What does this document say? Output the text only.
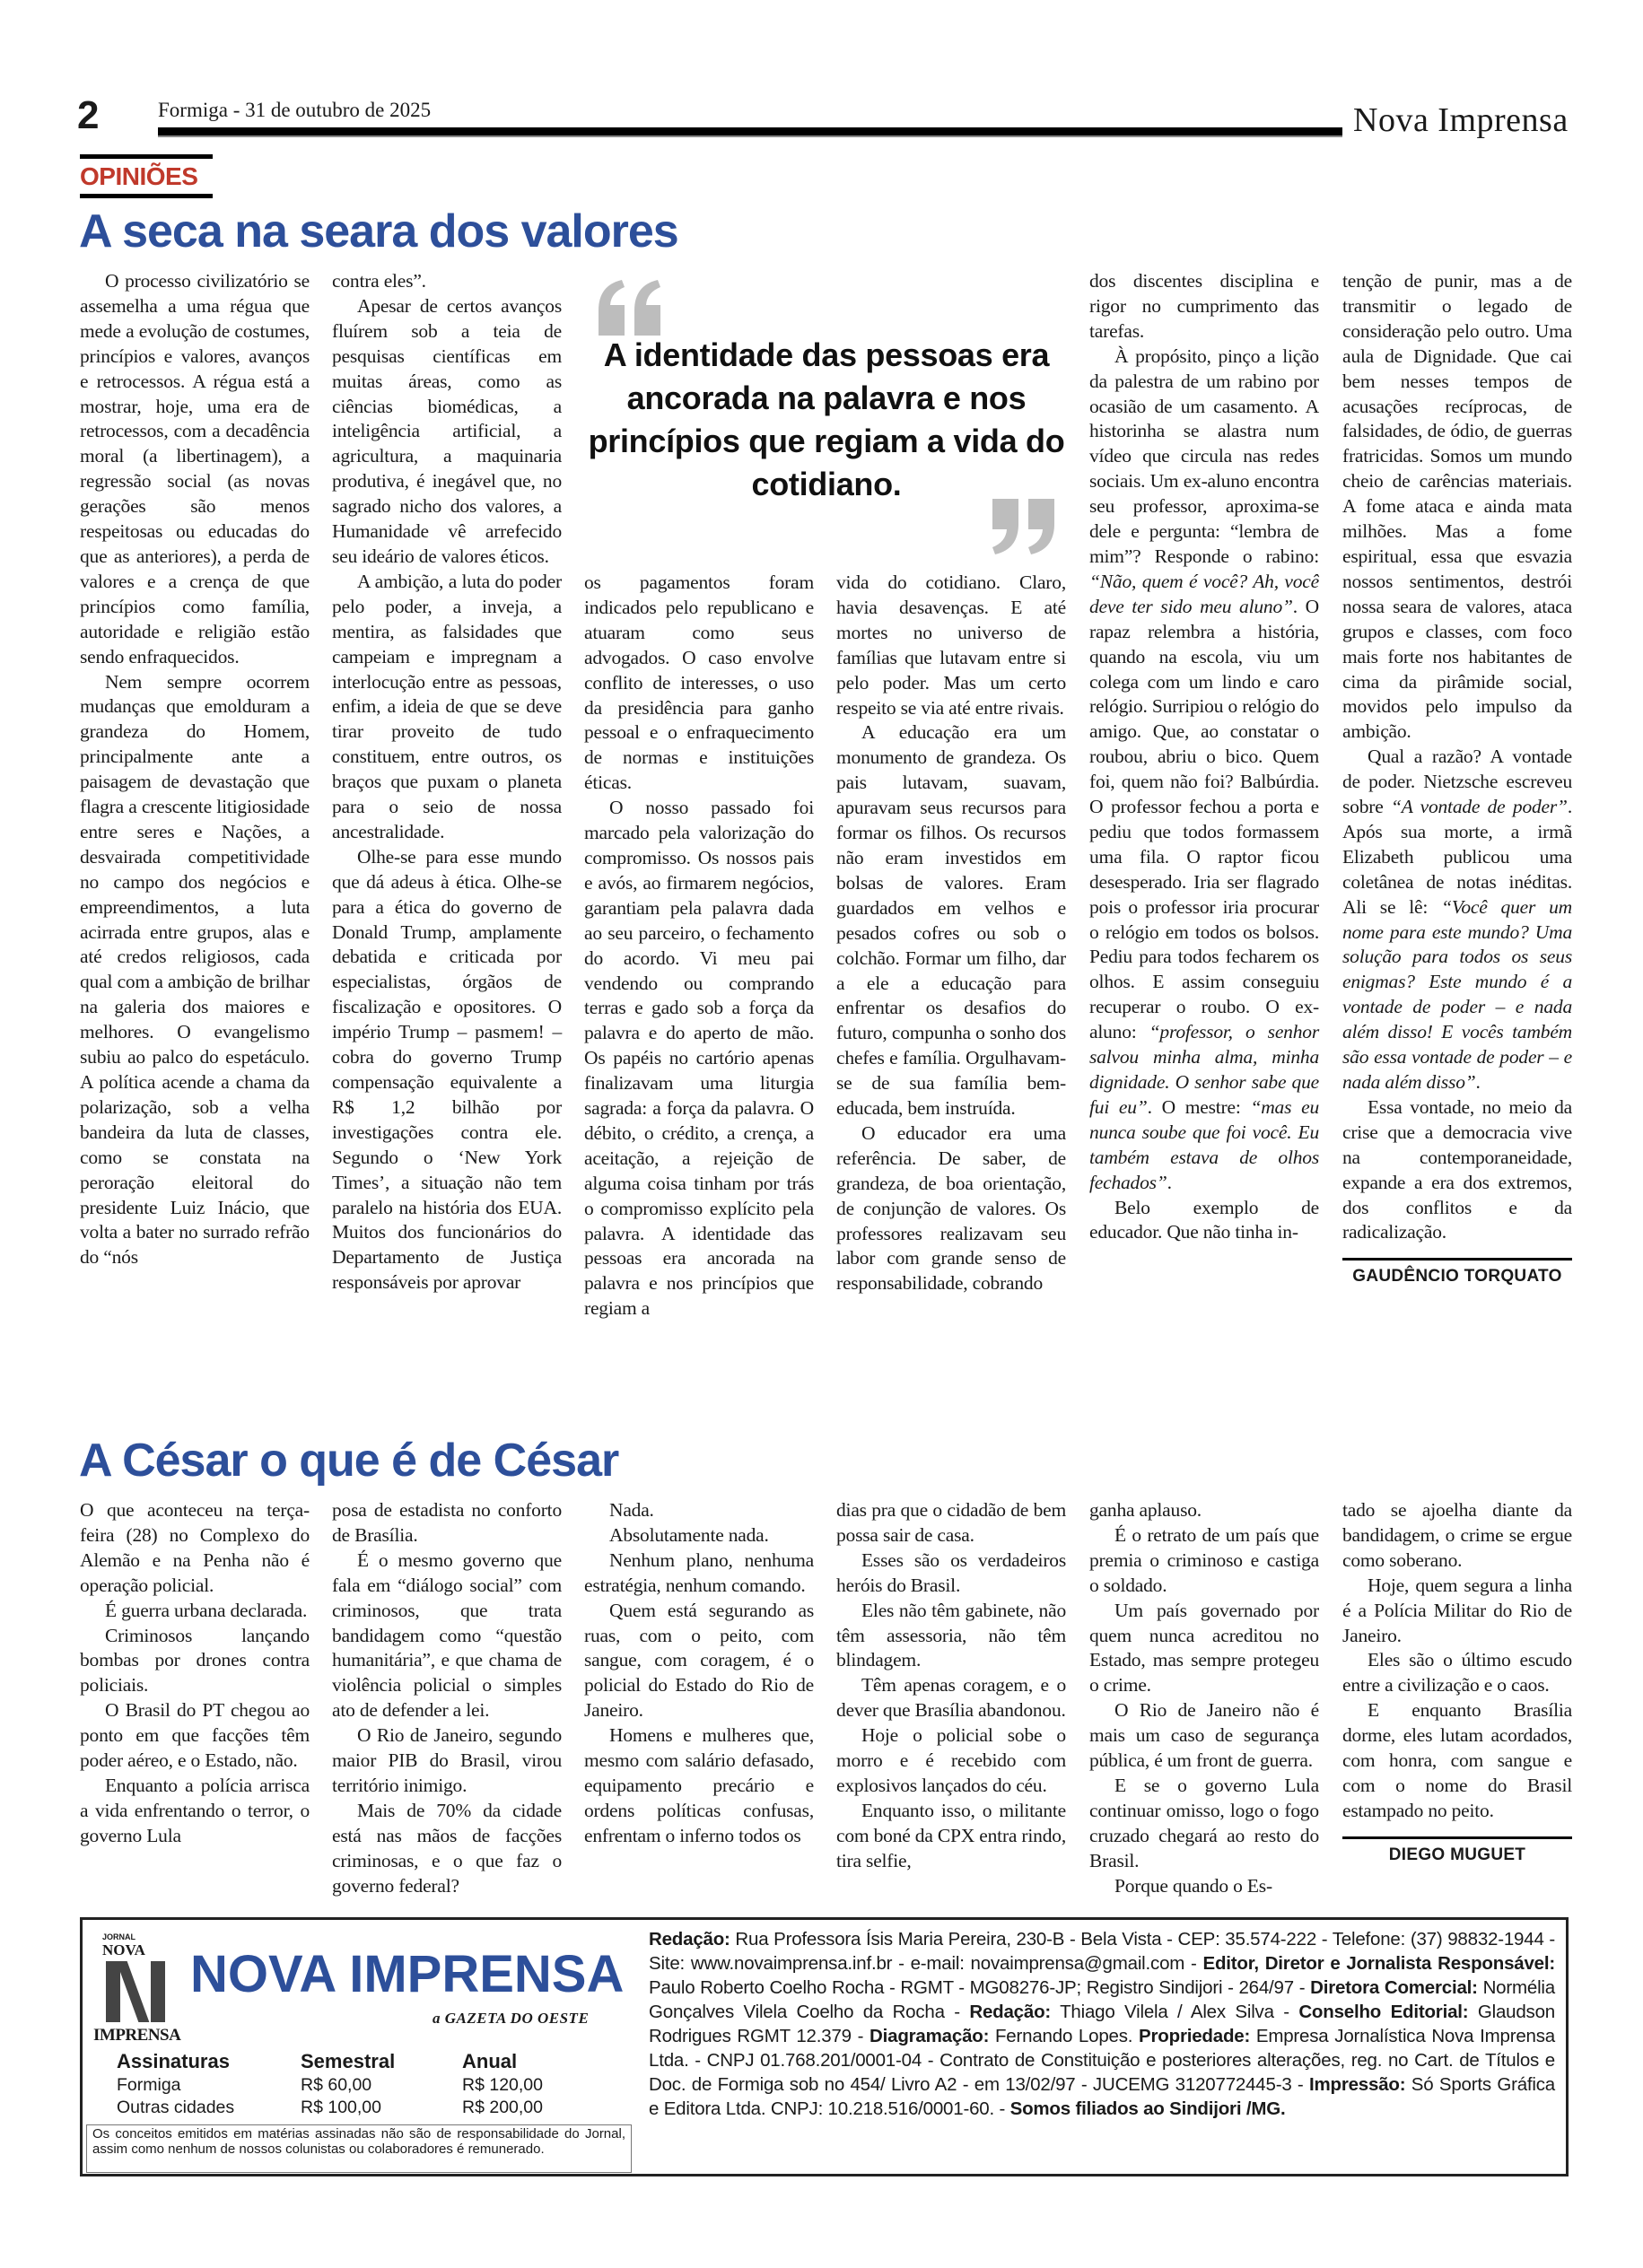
2	Formiga - 31 de outubro de 2025	Nova Imprensa
OPINIÕES
A seca na seara dos valores

O processo civilizatório se assemelha a uma régua que mede a evolução de costumes, princípios e valores, avanços e retrocessos. A régua está a mostrar, hoje, uma era de retrocessos, com a decadência moral (a libertinagem), a regressão social (as novas gerações são menos respeitosas ou educadas do que as anteriores), a perda de valores e a crença de que princípios como família, autoridade e religião estão sendo enfraquecidos.

Nem sempre ocorrem mudanças que emolduram a grandeza do Homem, principalmente ante a paisagem de devastação que flagra a crescente litigiosidade entre seres e Nações, a desvairada competitividade no campo dos negócios e empreendimentos, a luta acirrada entre grupos, alas e até credos religiosos, cada qual com a ambição de brilhar na galeria dos maiores e melhores. O evangelismo subiu ao palco do espetáculo. A política acende a chama da polarização, sob a velha bandeira da luta de classes, como se constata na peroração eleitoral do presidente Luiz Inácio, que volta a bater no surrado refrão do “nós

contra eles”.

Apesar de certos avanços fluírem sob a teia de pesquisas científicas em muitas áreas, como as ciências biomédicas, a inteligência artificial, a agricultura, a maquinaria produtiva, é inegável que, no sagrado nicho dos valores, a Humanidade vê arrefecido seu ideário de valores éticos.

A ambição, a luta do poder pelo poder, a inveja, a mentira, as falsidades que campeiam e impregnam a interlocução entre as pessoas, enfim, a ideia de que se deve tirar proveito de tudo constituem, entre outros, os braços que puxam o planeta para o seio de nossa ancestralidade.

Olhe-se para esse mundo que dá adeus à ética. Olhe-se para a ética do governo de Donald Trump, amplamente debatida e criticada por especialistas, órgãos de fiscalização e opositores. O império Trump – pasmem! – cobra do governo Trump compensação equivalente a R$ 1,2 bilhão por investigações contra ele. Segundo o ‘New York Times’, a situação não tem paralelo na história dos EUA. Muitos dos funcionários do Departamento de Justiça responsáveis por aprovar

os pagamentos foram indicados pelo republicano e atuaram como seus advogados. O caso envolve conflito de interesses, o uso da presidência para ganho pessoal e o enfraquecimento de normas e instituições éticas.

O nosso passado foi marcado pela valorização do compromisso. Os nossos pais e avós, ao firmarem negócios, garantiam pela palavra dada ao seu parceiro, o fechamento do acordo. Vi meu pai vendendo ou comprando terras e gado sob a força da palavra e do aperto de mão. Os papéis no cartório apenas finalizavam uma liturgia sagrada: a força da palavra. O débito, o crédito, a crença, a aceitação, a rejeição de alguma coisa tinham por trás o compromisso explícito pela palavra. A identidade das pessoas era ancorada na palavra e nos princípios que regiam a

vida do cotidiano. Claro, havia desavenças. E até mortes no universo de famílias que lutavam entre si pelo poder. Mas um certo respeito se via até entre rivais.

A educação era um monumento de grandeza. Os pais lutavam, suavam, apuravam seus recursos para formar os filhos. Os recursos não eram investidos em bolsas de valores. Eram guardados em velhos e pesados cofres ou sob o colchão. Formar um filho, dar a ele a educação para enfrentar os desafios do futuro, compunha o sonho dos chefes e família. Orgulhavam-se de sua família bem-educada, bem instruída.

O educador era uma referência. De saber, de grandeza, de boa orientação, de conjunção de valores. Os professores realizavam seu labor com grande senso de responsabilidade, cobrando

dos discentes disciplina e rigor no cumprimento das tarefas.

À propósito, pinço a lição da palestra de um rabino por ocasião de um casamento. A historinha se alastra num vídeo que circula nas redes sociais. Um ex-aluno encontra seu professor, aproxima-se dele e pergunta: “lembra de mim”? Responde o rabino: “Não, quem é você? Ah, você deve ter sido meu aluno”. O rapaz relembra a história, quando na escola, viu um colega com um lindo e caro relógio. Surripiou o relógio do amigo. Que, ao constatar o roubou, abriu o bico. Quem foi, quem não foi? Balbúrdia. O professor fechou a porta e pediu que todos formassem uma fila. O raptor ficou desesperado. Iria ser flagrado pois o professor iria procurar o relógio em todos os bolsos. Pediu para todos fecharem os olhos. E assim conseguiu recuperar o roubo. O ex-aluno: “professor, o senhor salvou minha alma, minha dignidade. O senhor sabe que fui eu”. O mestre: “mas eu nunca soube que foi você. Eu também estava de olhos fechados”.

Belo exemplo de educador. Que não tinha in-

tenção de punir, mas a de transmitir o legado de consideração pelo outro. Uma aula de Dignidade. Que cai bem nesses tempos de acusações recíprocas, de falsidades, de ódio, de guerras fratricidas. Somos um mundo cheio de carências materiais. A fome ataca e ainda mata milhões. Mas a fome espiritual, essa que esvazia nossos sentimentos, destrói nossa seara de valores, ataca grupos e classes, com foco mais forte nos habitantes de cima da pirâmide social, movidos pelo impulso da ambição.

Qual a razão? A vontade de poder. Nietzsche escreveu sobre “A vontade de poder”. Após sua morte, a irmã Elizabeth publicou uma coletânea de notas inéditas. Ali se lê: “Você quer um nome para este mundo? Uma solução para todos os seus enigmas? Este mundo é a vontade de poder – e nada além disso! E vocês também são essa vontade de poder – e nada além disso”.

Essa vontade, no meio da crise que a democracia vive na contemporaneidade, expande a era dos extremos, dos conflitos e da radicalização.

GAUDÊNCIO TORQUATO
A identidade das pessoas era ancorada na palavra e nos princípios que regiam a vida do cotidiano.
A César o que é de César

O que aconteceu na terça-feira (28) no Complexo do Alemão e na Penha não é operação policial.

É guerra urbana declarada.

Criminosos lançando bombas por drones contra policiais.

O Brasil do PT chegou ao ponto em que facções têm poder aéreo, e o Estado, não.

Enquanto a polícia arrisca a vida enfrentando o terror, o governo Lula

posa de estadista no conforto de Brasília.

É o mesmo governo que fala em “diálogo social” com criminosos, que trata bandidagem como “questão humanitária”, e que chama de violência policial o simples ato de defender a lei.

O Rio de Janeiro, segundo maior PIB do Brasil, virou território inimigo.

Mais de 70% da cidade está nas mãos de facções criminosas, e o que faz o governo federal?

Nada.

Absolutamente nada.

Nenhum plano, nenhuma estratégia, nenhum comando.

Quem está segurando as ruas, com o peito, com sangue, com coragem, é o policial do Estado do Rio de Janeiro.

Homens e mulheres que, mesmo com salário defasado, equipamento precário e ordens políticas confusas, enfrentam o inferno todos os

dias pra que o cidadão de bem possa sair de casa.

Esses são os verdadeiros heróis do Brasil.

Eles não têm gabinete, não têm assessoria, não têm blindagem.

Têm apenas coragem, e o dever que Brasília abandonou.

Hoje o policial sobe o morro e é recebido com explosivos lançados do céu.

Enquanto isso, o militante com boné da CPX entra rindo, tira selfie,

ganha aplauso.

É o retrato de um país que premia o criminoso e castiga o soldado.

Um país governado por quem nunca acreditou no Estado, mas sempre protegeu o crime.

O Rio de Janeiro não é mais um caso de segurança pública, é um front de guerra.

E se o governo Lula continuar omisso, logo o fogo cruzado chegará ao resto do Brasil.

Porque quando o Es-

tado se ajoelha diante da bandidagem, o crime se ergue como soberano.

Hoje, quem segura a linha é a Polícia Militar do Rio de Janeiro.

Eles são o último escudo entre a civilização e o caos.

E enquanto Brasília dorme, eles lutam acordados, com honra, com sangue e com o nome do Brasil estampado no peito.

DIEGO MUGUET
JORNAL
NOVA
IMPRENSA
NOVA IMPRENSA
a GAZETA DO OESTE
Assinaturas	Semestral	Anual
Formiga	R$ 60,00	R$ 120,00
Outras cidades	R$ 100,00	R$ 200,00
Os conceitos emitidos em matérias assinadas não são de responsabilidade do Jornal, assim como nenhum de nossos colunistas ou colaboradores é remunerado.
Redação: Rua Professora Ísis Maria Pereira, 230-B - Bela Vista - CEP: 35.574-222 - Telefone: (37) 98832-1944 - Site: www.novaimprensa.inf.br - e-mail: novaimprensa@gmail.com - Editor, Diretor e Jornalista Responsável: Paulo Roberto Coelho Rocha - RGMT - MG08276-JP; Registro Sindijori - 264/97 - Diretora Comercial: Normélia Gonçalves Vilela Coelho da Rocha - Redação: Thiago Vilela / Alex Silva - Conselho Editorial: Glaudson Rodrigues RGMT 12.379 - Diagramação: Fernando Lopes. Propriedade: Empresa Jornalística Nova Imprensa Ltda. - CNPJ 01.768.201/0001-04 - Contrato de Constituição e posteriores alterações, reg. no Cart. de Títulos e Doc. de Formiga sob no 454/ Livro A2 - em 13/02/97 - JUCEMG 3120772445-3 - Impressão: Só Sports Gráfica e Editora Ltda. CNPJ: 10.218.516/0001-60. - Somos filiados ao Sindijori /MG.
